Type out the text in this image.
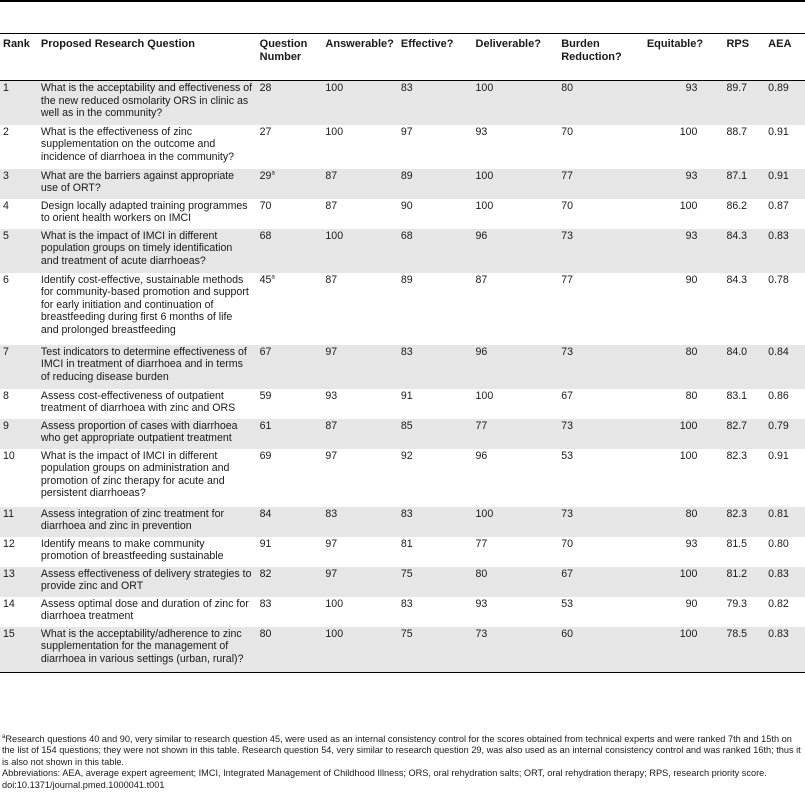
Rank	Proposed Research Question	Question Number	Answerable?	Effective?	Deliverable?	Burden Reduction?	Equitable?	RPS	AEA
1	What is the acceptability and effectiveness of the new reduced osmolarity ORS in clinic as well as in the community?	28	100	83	100	80	93	89.7	0.89
2	What is the effectiveness of zinc supplementation on the outcome and incidence of diarrhoea in the community?	27	100	97	93	70	100	88.7	0.91
3	What are the barriers against appropriate use of ORT?	29$^a$	87	89	100	77	93	87.1	0.91
4	Design locally adapted training programmes to orient health workers on IMCI	70	87	90	100	70	100	86.2	0.87
5	What is the impact of IMCI in different population groups on timely identification and treatment of acute diarrhoeas?	68	100	68	96	73	93	84.3	0.83
6	Identify cost-effective, sustainable methods for community-based promotion and support for early initiation and continuation of breastfeeding during first 6 months of life and prolonged breastfeeding	45$^a$	87	89	87	77	90	84.3	0.78
7	Test indicators to determine effectiveness of IMCI in treatment of diarrhoea and in terms of reducing disease burden	67	97	83	96	73	80	84.0	0.84
8	Assess cost-effectiveness of outpatient treatment of diarrhoea with zinc and ORS	59	93	91	100	67	80	83.1	0.86
9	Assess proportion of cases with diarrhoea who get appropriate outpatient treatment	61	87	85	77	73	100	82.7	0.79
10	What is the impact of IMCI in different population groups on administration and promotion of zinc therapy for acute and persistent diarrhoeas?	69	97	92	96	53	100	82.3	0.91
11	Assess integration of zinc treatment for diarrhoea and zinc in prevention	84	83	83	100	73	80	82.3	0.81
12	Identify means to make community promotion of breastfeeding sustainable	91	97	81	77	70	93	81.5	0.80
13	Assess effectiveness of delivery strategies to provide zinc and ORT	82	97	75	80	67	100	81.2	0.83
14	Assess optimal dose and duration of zinc for diarrhoea treatment	83	100	83	93	53	90	79.3	0.82
15	What is the acceptability/adherence to zinc supplementation for the management of diarrhoea in various settings (urban, rural)?	80	100	75	73	60	100	78.5	0.83

$^a$Research questions 40 and 90, very similar to research question 45, were used as an internal consistency control for the scores obtained from technical experts and were ranked 7th and 15th on the list of 154 questions; they were not shown in this table. Research question 54, very similar to research question 29, was also used as an internal consistency control and was ranked 16th; thus it is also not shown in this table.

Abbreviations: AEA, average expert agreement; IMCI, Integrated Management of Childhood Illness; ORS, oral rehydration salts; ORT, oral rehydration therapy; RPS, research priority score.

doi:10.1371/journal.pmed.1000041.t001
